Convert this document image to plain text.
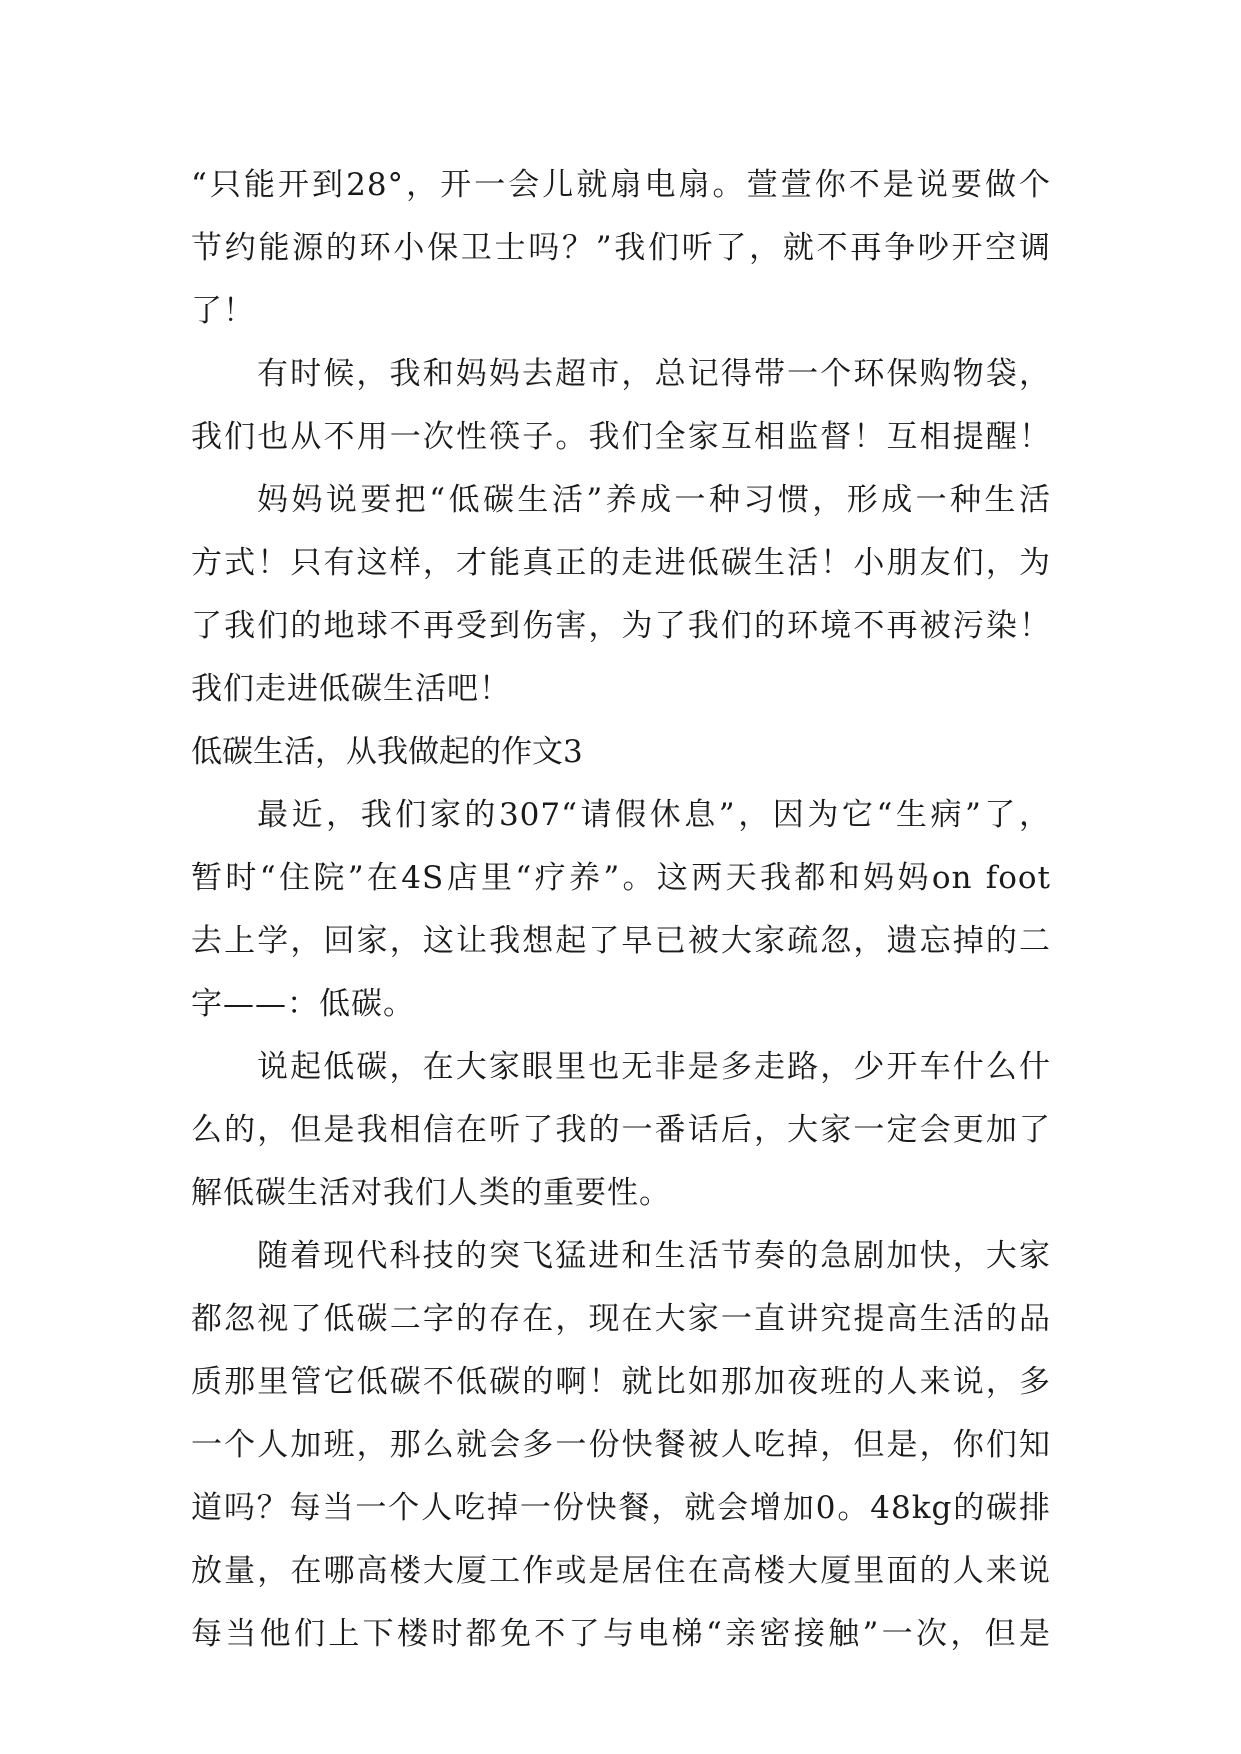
“只能开到28°，开一会儿就扇电扇。萱萱你不是说要做个
节约能源的环小保卫士吗？”我们听了，就不再争吵开空调
了！
有时候，我和妈妈去超市，总记得带一个环保购物袋，
我们也从不用一次性筷子。我们全家互相监督！互相提醒！
妈妈说要把“低碳生活”养成一种习惯，形成一种生活
方式！只有这样，才能真正的走进低碳生活！小朋友们，为
了我们的地球不再受到伤害，为了我们的环境不再被污染！
我们走进低碳生活吧！
低碳生活，从我做起的作文3
最近，我们家的307“请假休息”，因为它“生病”了，
暂时“住院”在4S店里“疗养”。这两天我都和妈妈on foot
去上学，回家，这让我想起了早已被大家疏忽，遗忘掉的二
字——：低碳。
说起低碳，在大家眼里也无非是多走路，少开车什么什
么的，但是我相信在听了我的一番话后，大家一定会更加了
解低碳生活对我们人类的重要性。
随着现代科技的突飞猛进和生活节奏的急剧加快，大家
都忽视了低碳二字的存在，现在大家一直讲究提高生活的品
质那里管它低碳不低碳的啊！就比如那加夜班的人来说，多
一个人加班，那么就会多一份快餐被人吃掉，但是，你们知
道吗？每当一个人吃掉一份快餐，就会增加0。48kg的碳排
放量，在哪高楼大厦工作或是居住在高楼大厦里面的人来说
每当他们上下楼时都免不了与电梯“亲密接触”一次，但是
